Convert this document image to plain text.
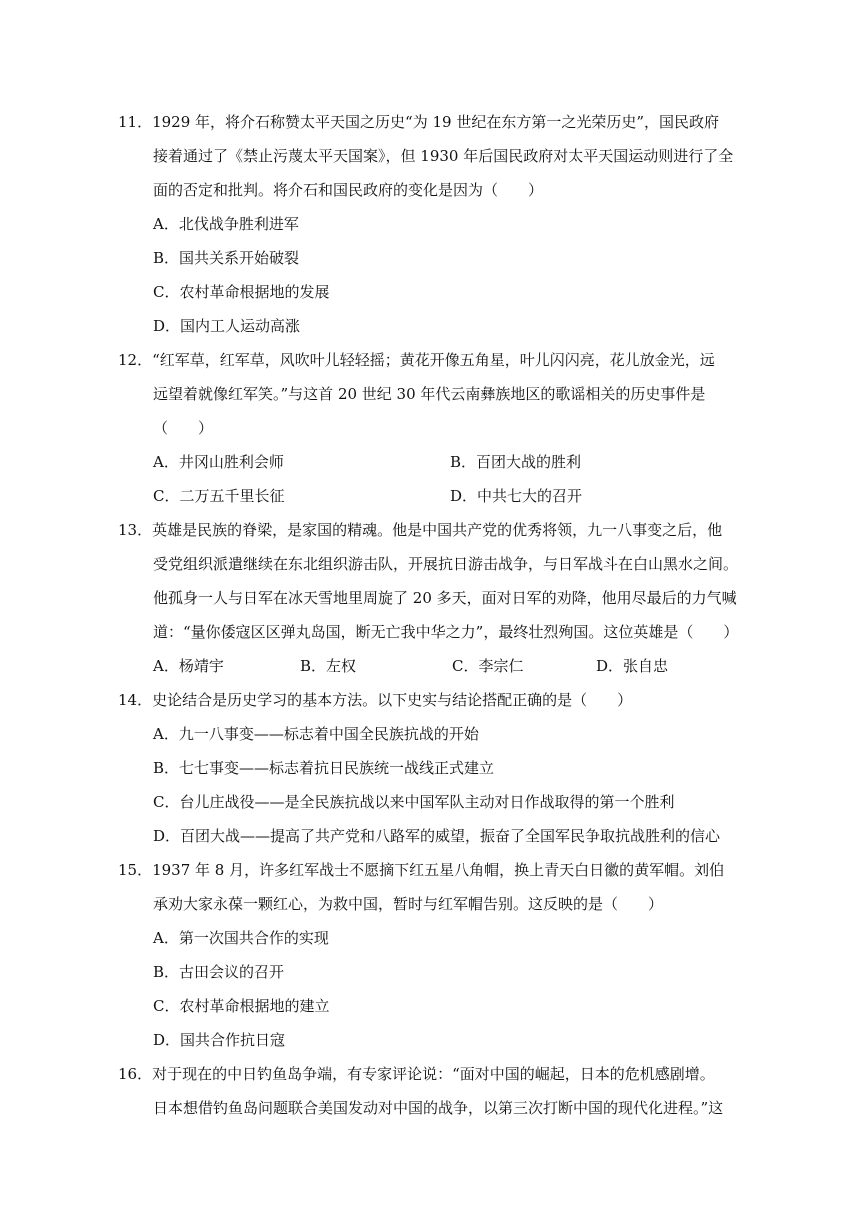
11．1929 年，将介石称赞太平天国之历史“为 19 世纪在东方第一之光荣历史”，国民政府
接着通过了《禁止污蔑太平天国案》，但 1930 年后国民政府对太平天国运动则进行了全
面的否定和批判。将介石和国民政府的变化是因为（　　）
A．北伐战争胜利进军
B．国共关系开始破裂
C．农村革命根据地的发展
D．国内工人运动高涨
12．“红军草，红军草，风吹叶儿轻轻摇；黄花开像五角星，叶儿闪闪亮，花儿放金光，远
远望着就像红军笑。”与这首 20 世纪 30 年代云南彝族地区的歌谣相关的历史事件是
（　　）
A．井冈山胜利会师	B．百团大战的胜利
C．二万五千里长征	D．中共七大的召开
13．英雄是民族的脊梁，是家国的精魂。他是中国共产党的优秀将领，九一八事变之后，他
受党组织派遣继续在东北组织游击队，开展抗日游击战争，与日军战斗在白山黑水之间。
他孤身一人与日军在冰天雪地里周旋了 20 多天，面对日军的劝降，他用尽最后的力气喊
道：“量你倭寇区区弹丸岛国，断无亡我中华之力”，最终壮烈殉国。这位英雄是（　　）
A．杨靖宇	B．左权	C．李宗仁	D．张自忠
14．史论结合是历史学习的基本方法。以下史实与结论搭配正确的是（　　）
A．九一八事变——标志着中国全民族抗战的开始
B．七七事变——标志着抗日民族统一战线正式建立
C．台儿庄战役——是全民族抗战以来中国军队主动对日作战取得的第一个胜利
D．百团大战——提高了共产党和八路军的威望，振奋了全国军民争取抗战胜利的信心
15．1937 年 8 月，许多红军战士不愿摘下红五星八角帽，换上青天白日徽的黄军帽。刘伯
承劝大家永葆一颗红心，为救中国，暂时与红军帽告别。这反映的是（　　）
A．第一次国共合作的实现
B．古田会议的召开
C．农村革命根据地的建立
D．国共合作抗日寇
16．对于现在的中日钓鱼岛争端，有专家评论说：“面对中国的崛起，日本的危机感剧增。
日本想借钓鱼岛问题联合美国发动对中国的战争，以第三次打断中国的现代化进程。”这
